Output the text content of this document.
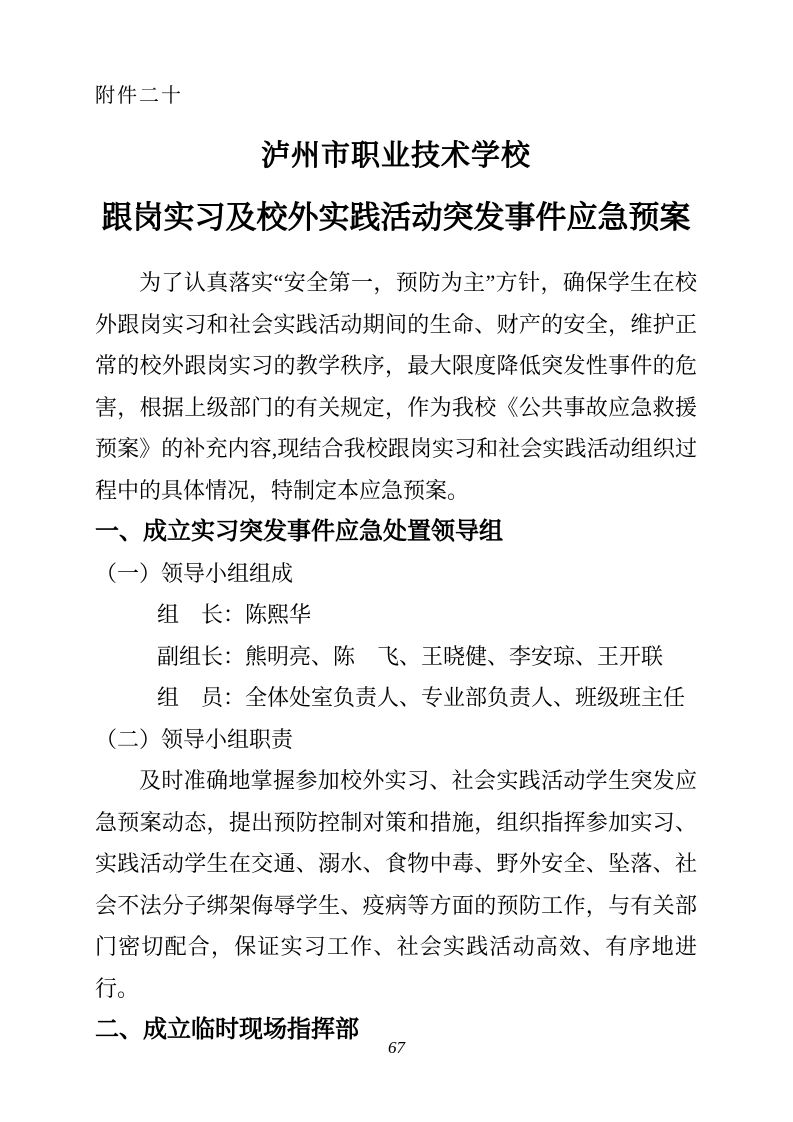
附件二十

泸州市职业技术学校
跟岗实习及校外实践活动突发事件应急预案

为了认真落实“安全第一，预防为主”方针，确保学生在校外跟岗实习和社会实践活动期间的生命、财产的安全，维护正常的校外跟岗实习的教学秩序，最大限度降低突发性事件的危害，根据上级部门的有关规定，作为我校《公共事故应急救援预案》的补充内容,现结合我校跟岗实习和社会实践活动组织过程中的具体情况，特制定本应急预案。

一、成立实习突发事件应急处置领导组

（一）领导小组组成

组　长：陈熙华

副组长：熊明亮、陈　飞、王晓健、李安琼、王开联

组　员：全体处室负责人、专业部负责人、班级班主任

（二）领导小组职责

及时准确地掌握参加校外实习、社会实践活动学生突发应急预案动态，提出预防控制对策和措施，组织指挥参加实习、实践活动学生在交通、溺水、食物中毒、野外安全、坠落、社会不法分子绑架侮辱学生、疫病等方面的预防工作，与有关部门密切配合，保证实习工作、社会实践活动高效、有序地进行。

二、成立临时现场指挥部
67
